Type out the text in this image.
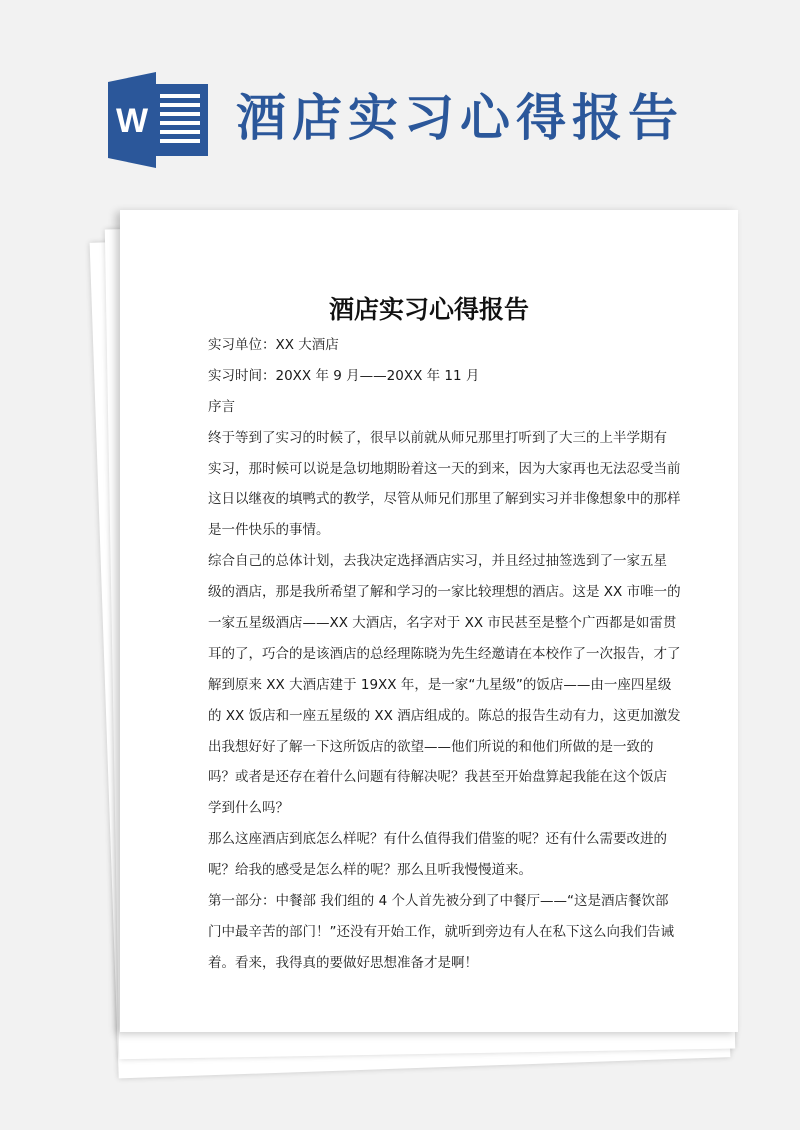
W 酒店实习心得报告
酒店实习心得报告
实习单位：XX 大酒店
实习时间：20XX 年 9 月——20XX 年 11 月
序言
终于等到了实习的时候了，很早以前就从师兄那里打听到了大三的上半学期有
实习，那时候可以说是急切地期盼着这一天的到来，因为大家再也无法忍受当前
这日以继夜的填鸭式的教学，尽管从师兄们那里了解到实习并非像想象中的那样
是一件快乐的事情。
综合自己的总体计划，去我决定选择酒店实习，并且经过抽签选到了一家五星
级的酒店，那是我所希望了解和学习的一家比较理想的酒店。这是 XX 市唯一的
一家五星级酒店——XX 大酒店，名字对于 XX 市民甚至是整个广西都是如雷贯
耳的了，巧合的是该酒店的总经理陈晓为先生经邀请在本校作了一次报告，才了
解到原来 XX 大酒店建于 19XX 年，是一家“九星级”的饭店——由一座四星级
的 XX 饭店和一座五星级的 XX 酒店组成的。陈总的报告生动有力，这更加激发
出我想好好了解一下这所饭店的欲望——他们所说的和他们所做的是一致的
吗？或者是还存在着什么问题有待解决呢？我甚至开始盘算起我能在这个饭店
学到什么吗？
那么这座酒店到底怎么样呢？有什么值得我们借鉴的呢？还有什么需要改进的
呢？给我的感受是怎么样的呢？那么且听我慢慢道来。
第一部分：中餐部 我们组的 4 个人首先被分到了中餐厅——“这是酒店餐饮部
门中最辛苦的部门！”还没有开始工作，就听到旁边有人在私下这么向我们告诫
着。看来，我得真的要做好思想准备才是啊！
